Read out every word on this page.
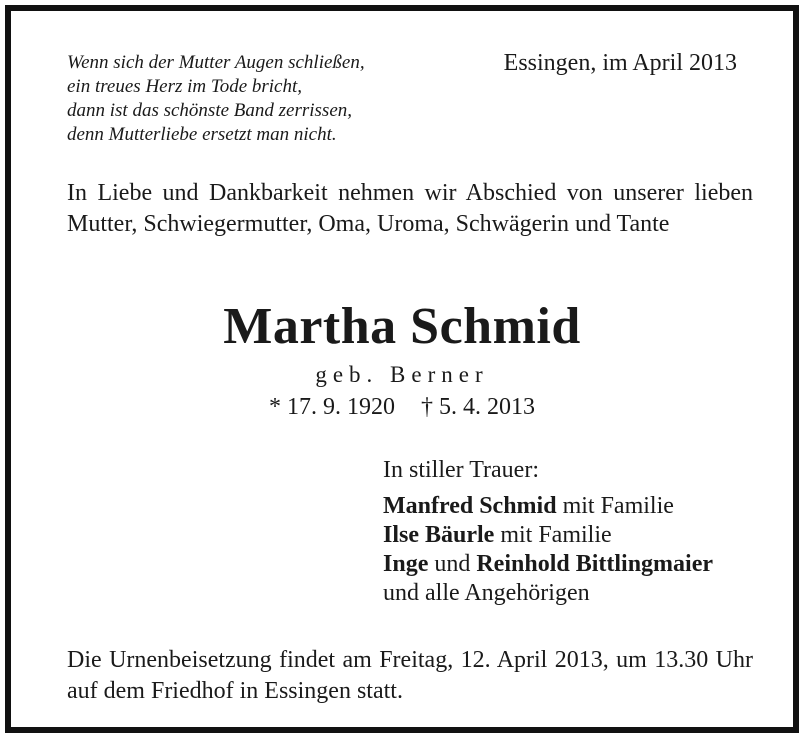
Wenn sich der Mutter Augen schließen,
ein treues Herz im Tode bricht,
dann ist das schönste Band zerrissen,
denn Mutterliebe ersetzt man nicht.
Essingen, im April 2013
In Liebe und Dankbarkeit nehmen wir Abschied von unserer lieben Mutter, Schwiegermutter, Oma, Uroma, Schwägerin und Tante
Martha Schmid
geb. Berner
* 17. 9. 1920 † 5. 4. 2013
In stiller Trauer:
Manfred Schmid mit Familie
Ilse Bäurle mit Familie
Inge und Reinhold Bittlingmaier
und alle Angehörigen
Die Urnenbeisetzung findet am Freitag, 12. April 2013, um 13.30 Uhr auf dem Friedhof in Essingen statt.
